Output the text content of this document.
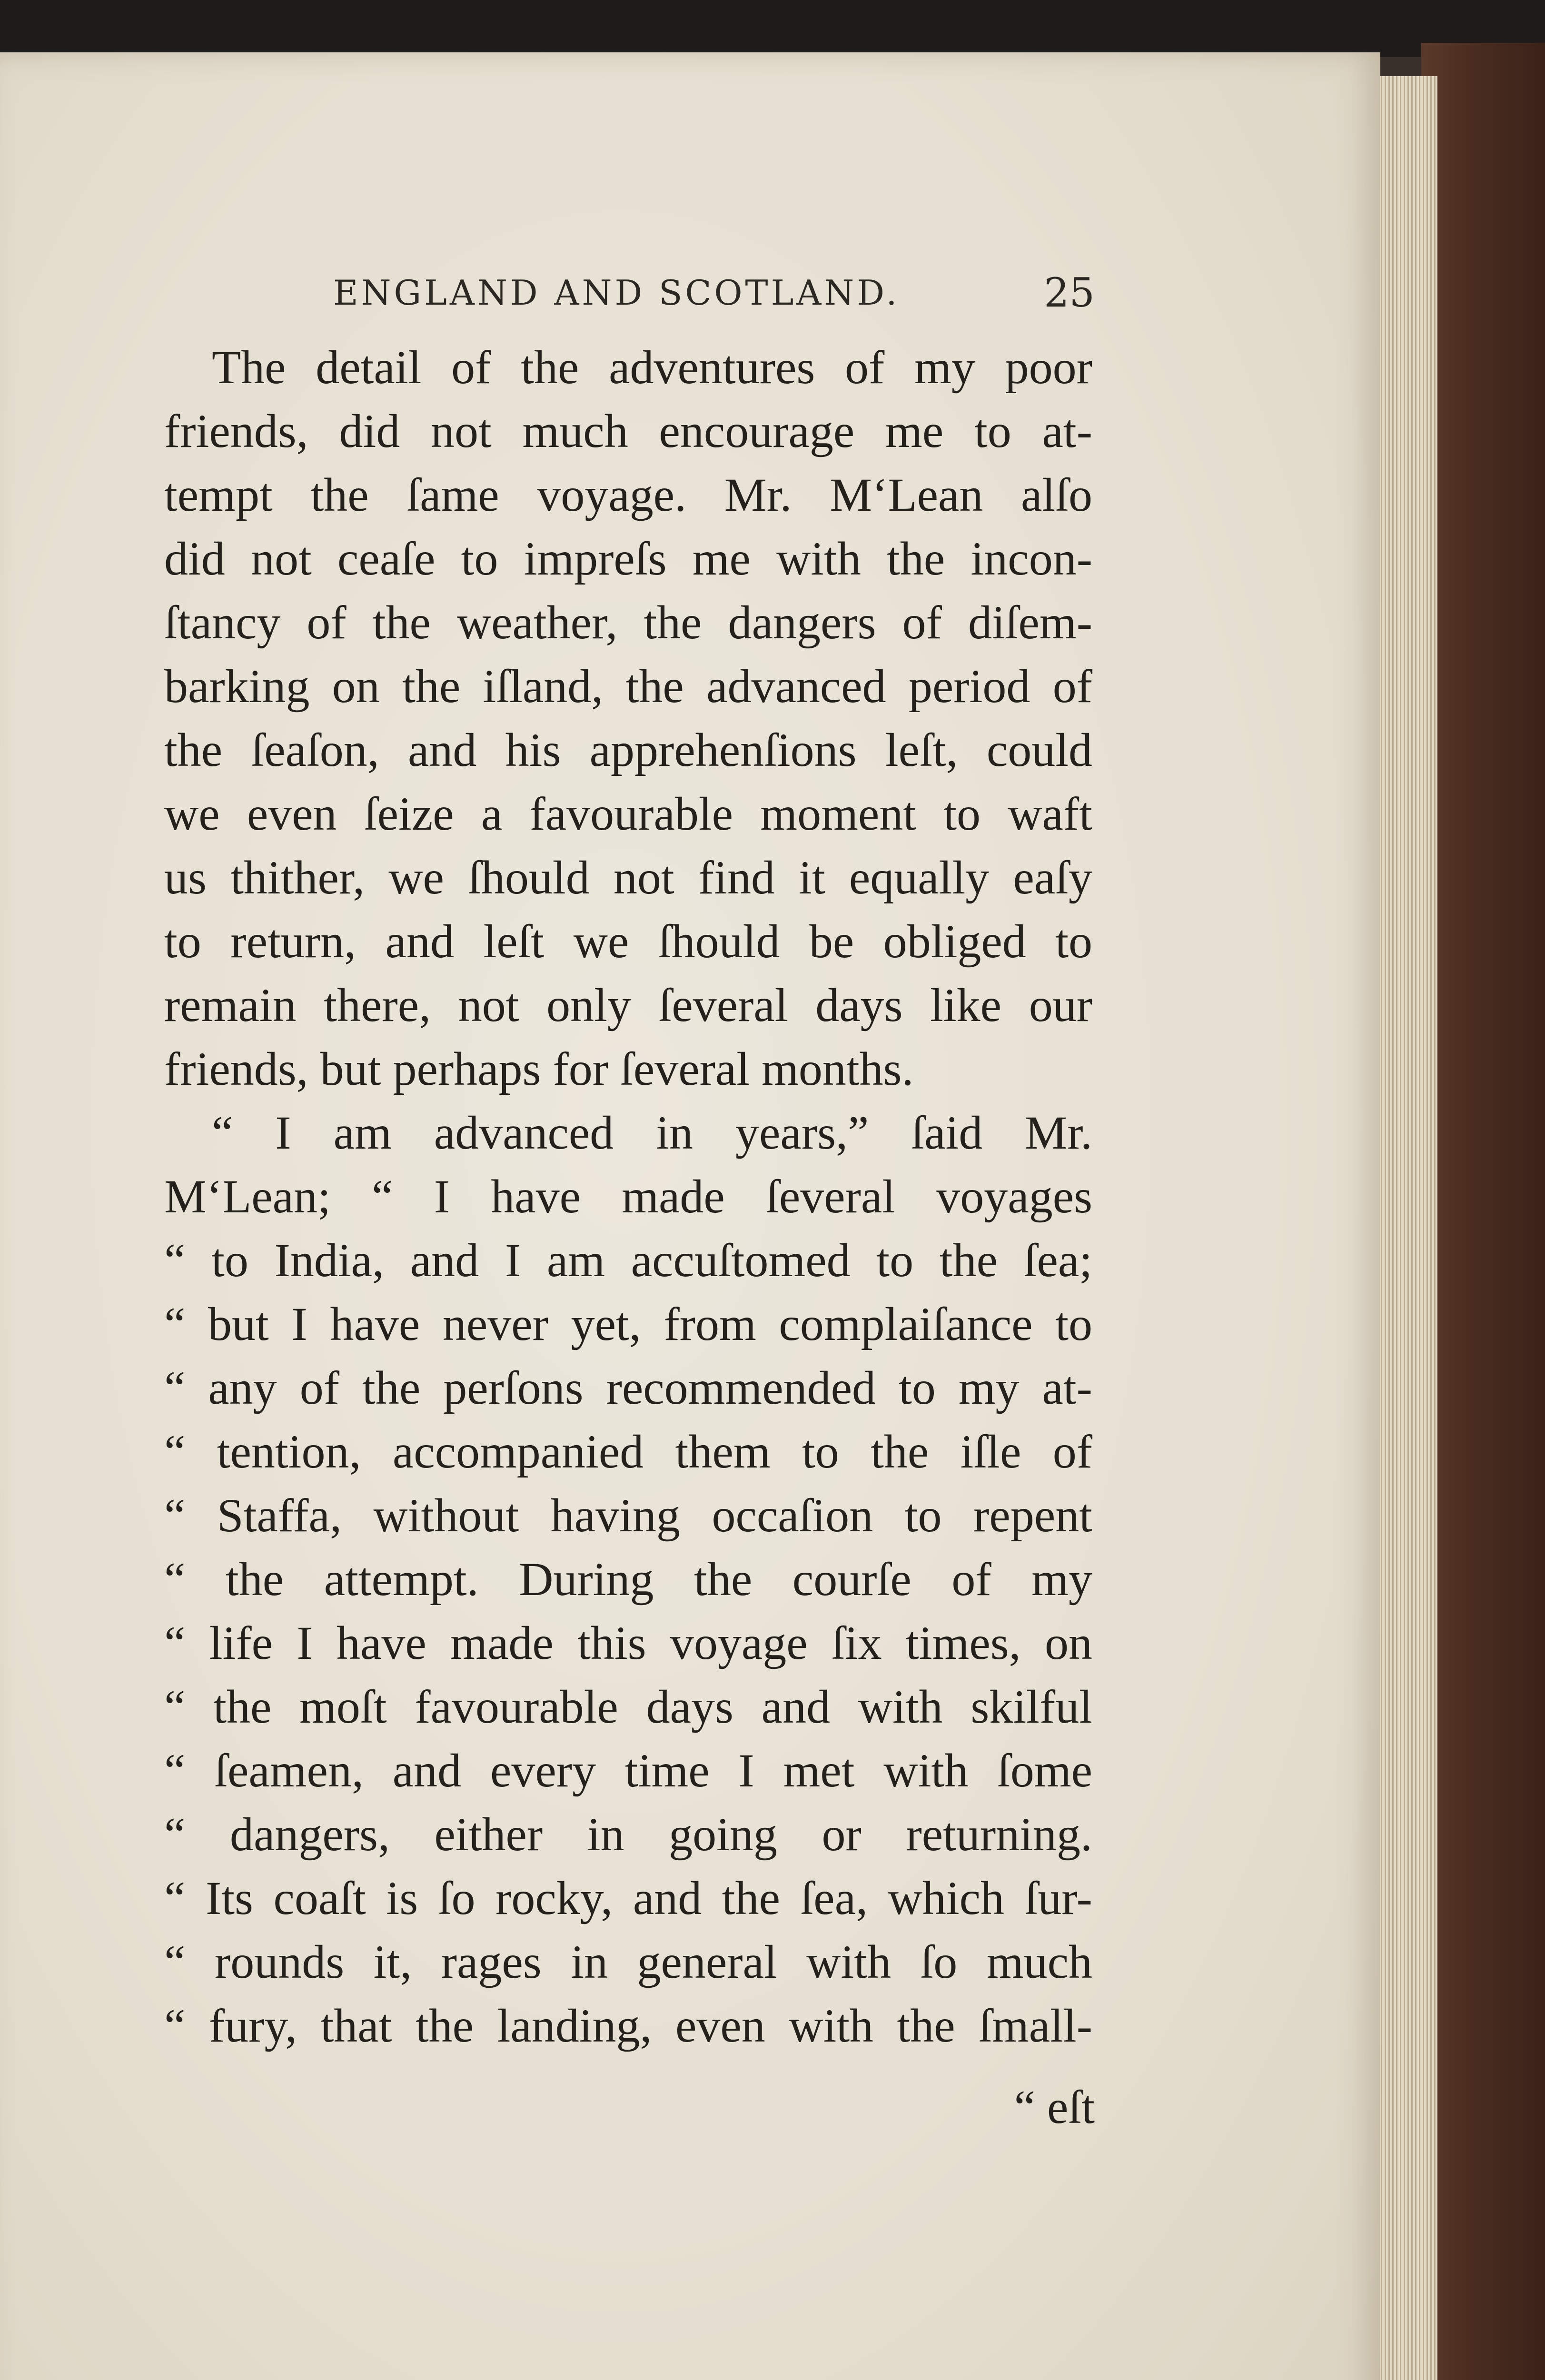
ENGLAND AND SCOTLAND.	25
The detail of the adventures of my poor
friends, did not much encourage me to at-
tempt the ſame voyage. Mr. M‘Lean alſo
did not ceaſe to impreſs me with the incon-
ſtancy of the weather, the dangers of diſem-
barking on the iſland, the advanced period of
the ſeaſon, and his apprehenſions leſt, could
we even ſeize a favourable moment to waft
us thither, we ſhould not find it equally eaſy
to return, and leſt we ſhould be obliged to
remain there, not only ſeveral days like our
friends, but perhaps for ſeveral months.
“ I am advanced in years,” ſaid Mr.
M‘Lean; “ I have made ſeveral voyages
“ to India, and I am accuſtomed to the ſea;
“ but I have never yet, from complaiſance to
“ any of the perſons recommended to my at-
“ tention, accompanied them to the iſle of
“ Staffa, without having occaſion to repent
“ the attempt. During the courſe of my
“ life I have made this voyage ſix times, on
“ the moſt favourable days and with skilful
“ ſeamen, and every time I met with ſome
“ dangers, either in going or returning.
“ Its coaſt is ſo rocky, and the ſea, which ſur-
“ rounds it, rages in general with ſo much
“ fury, that the landing, even with the ſmall-
“ eſt
